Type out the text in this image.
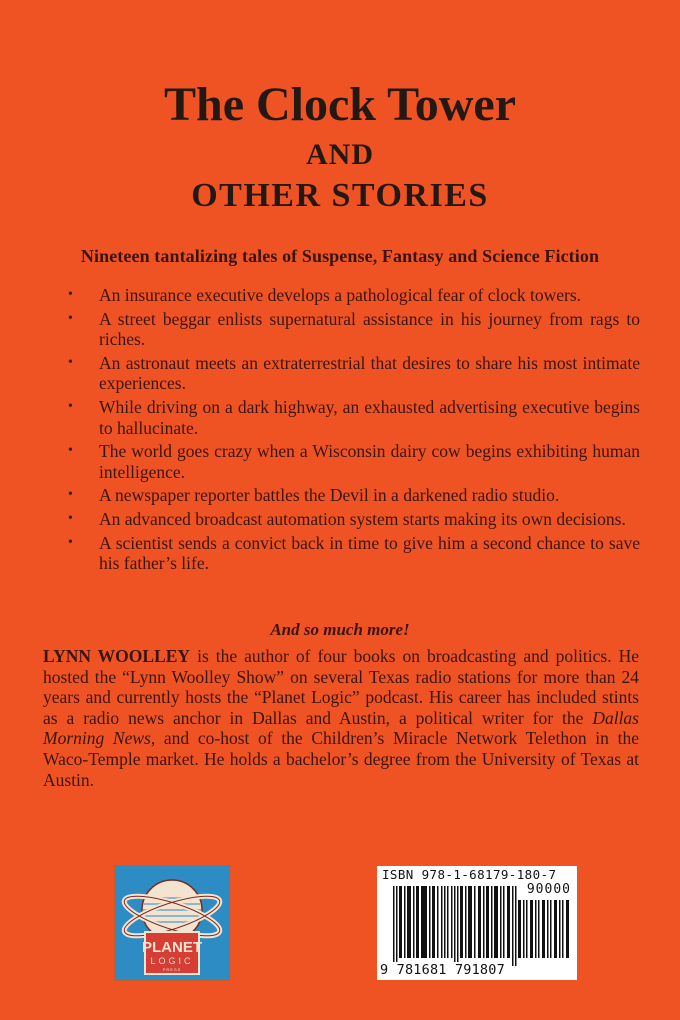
The Clock Tower
AND
OTHER STORIES
Nineteen tantalizing tales of Suspense, Fantasy and Science Fiction
• An insurance executive develops a pathological fear of clock towers.
• A street beggar enlists supernatural assistance in his journey from rags to riches.
• An astronaut meets an extraterrestrial that desires to share his most intimate experiences.
• While driving on a dark highway, an exhausted advertising executive begins to hallucinate.
• The world goes crazy when a Wisconsin dairy cow begins exhibiting human intelligence.
• A newspaper reporter battles the Devil in a darkened radio studio.
• An advanced broadcast automation system starts making its own decisions.
• A scientist sends a convict back in time to give him a second chance to save his father’s life.
And so much more!

LYNN WOOLLEY is the author of four books on broadcasting and politics. He hosted the “Lynn Woolley Show” on several Texas radio stations for more than 24 years and currently hosts the “Planet Logic” podcast. His career has included stints as a radio news anchor in Dallas and Austin, a political writer for the Dallas Morning News, and co-host of the Children’s Miracle Network Telethon in the Waco-Temple market. He holds a bachelor’s degree from the University of Texas at Austin.

PLANET
LOGIC
PRESS
ISBN 978-1-68179-180-7
90000
9 781681 791807
